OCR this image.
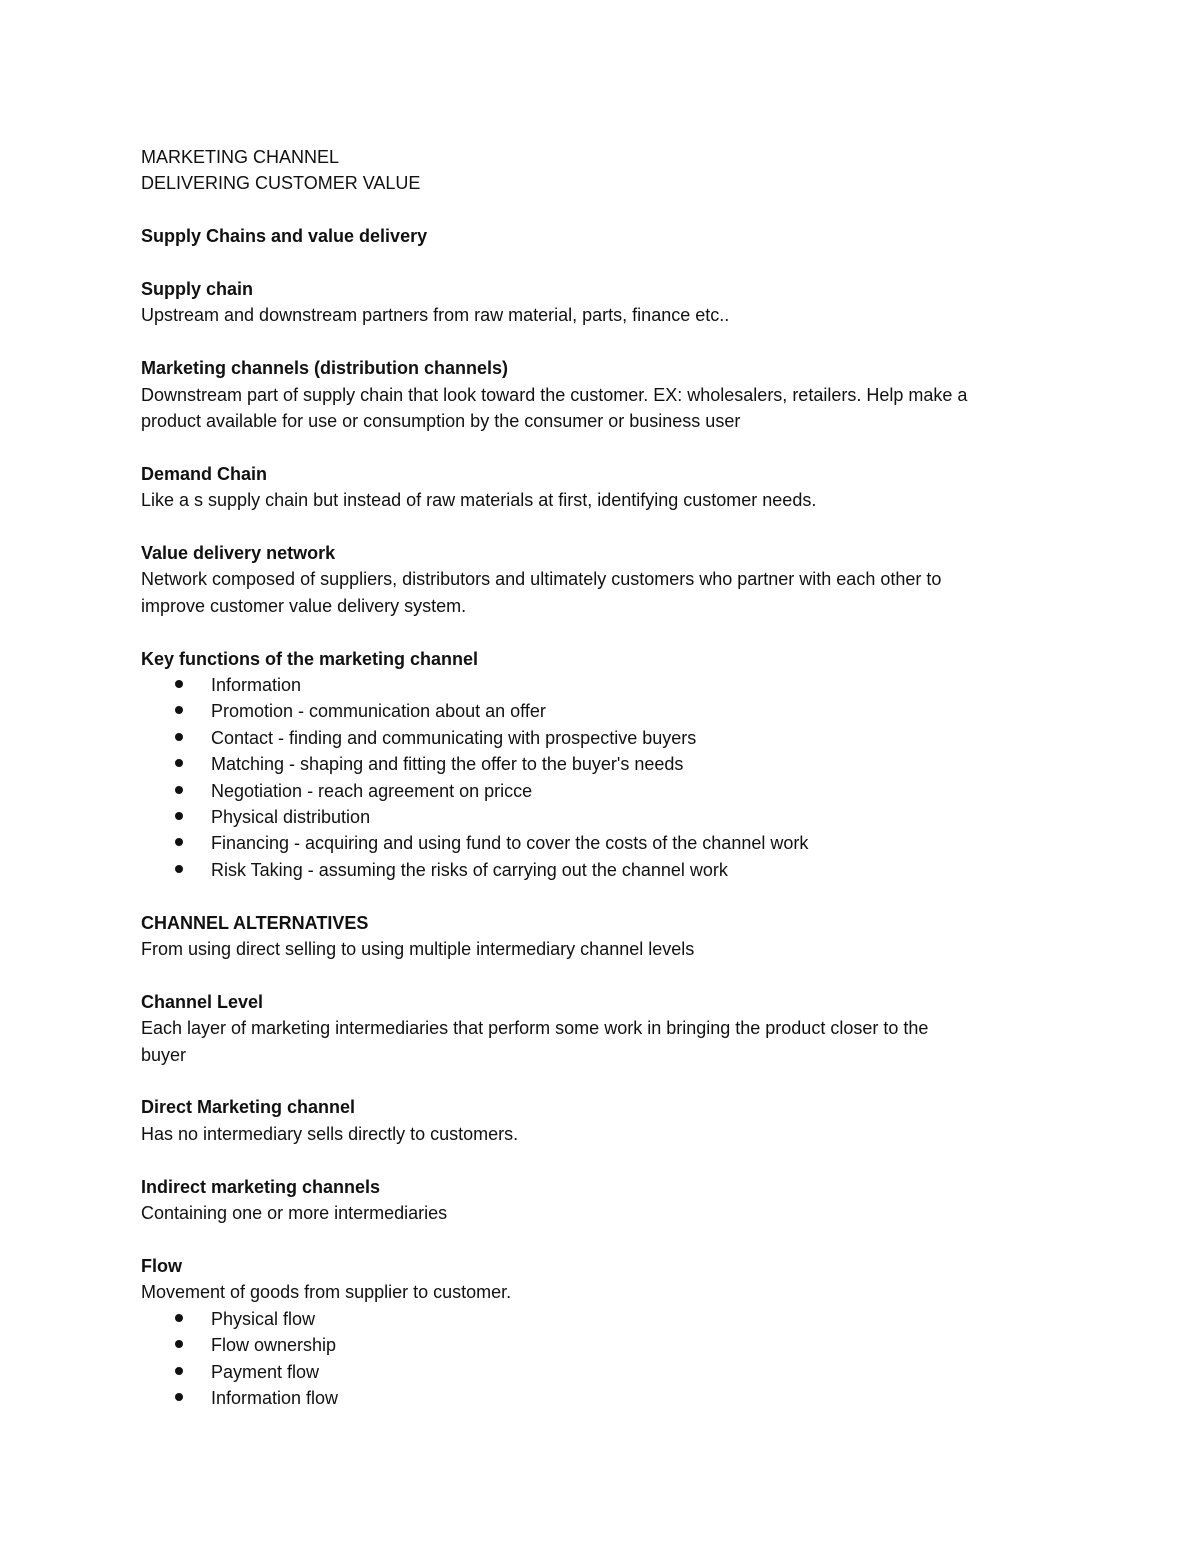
MARKETING CHANNEL
DELIVERING CUSTOMER VALUE
Supply Chains and value delivery
Supply chain
Upstream and downstream partners from raw material, parts, finance etc..
Marketing channels (distribution channels)
Downstream part of supply chain that look toward the customer. EX: wholesalers, retailers. Help make a
product available for use or consumption by the consumer or business user
Demand Chain
Like a s supply chain but instead of raw materials at first, identifying customer needs.
Value delivery network
Network composed of suppliers, distributors and ultimately customers who partner with each other to
improve customer value delivery system.
Key functions of the marketing channel
Information
Promotion - communication about an offer
Contact - finding and communicating with prospective buyers
Matching - shaping and fitting the offer to the buyer's needs
Negotiation - reach agreement on pricce
Physical distribution
Financing - acquiring and using fund to cover the costs of the channel work
Risk Taking - assuming the risks of carrying out the channel work
CHANNEL ALTERNATIVES
From using direct selling to using multiple intermediary channel levels
Channel Level
Each layer of marketing intermediaries that perform some work in bringing the product closer to the
buyer
Direct Marketing channel
Has no intermediary sells directly to customers.
Indirect marketing channels
Containing one or more intermediaries
Flow
Movement of goods from supplier to customer.
Physical flow
Flow ownership
Payment flow
Information flow
